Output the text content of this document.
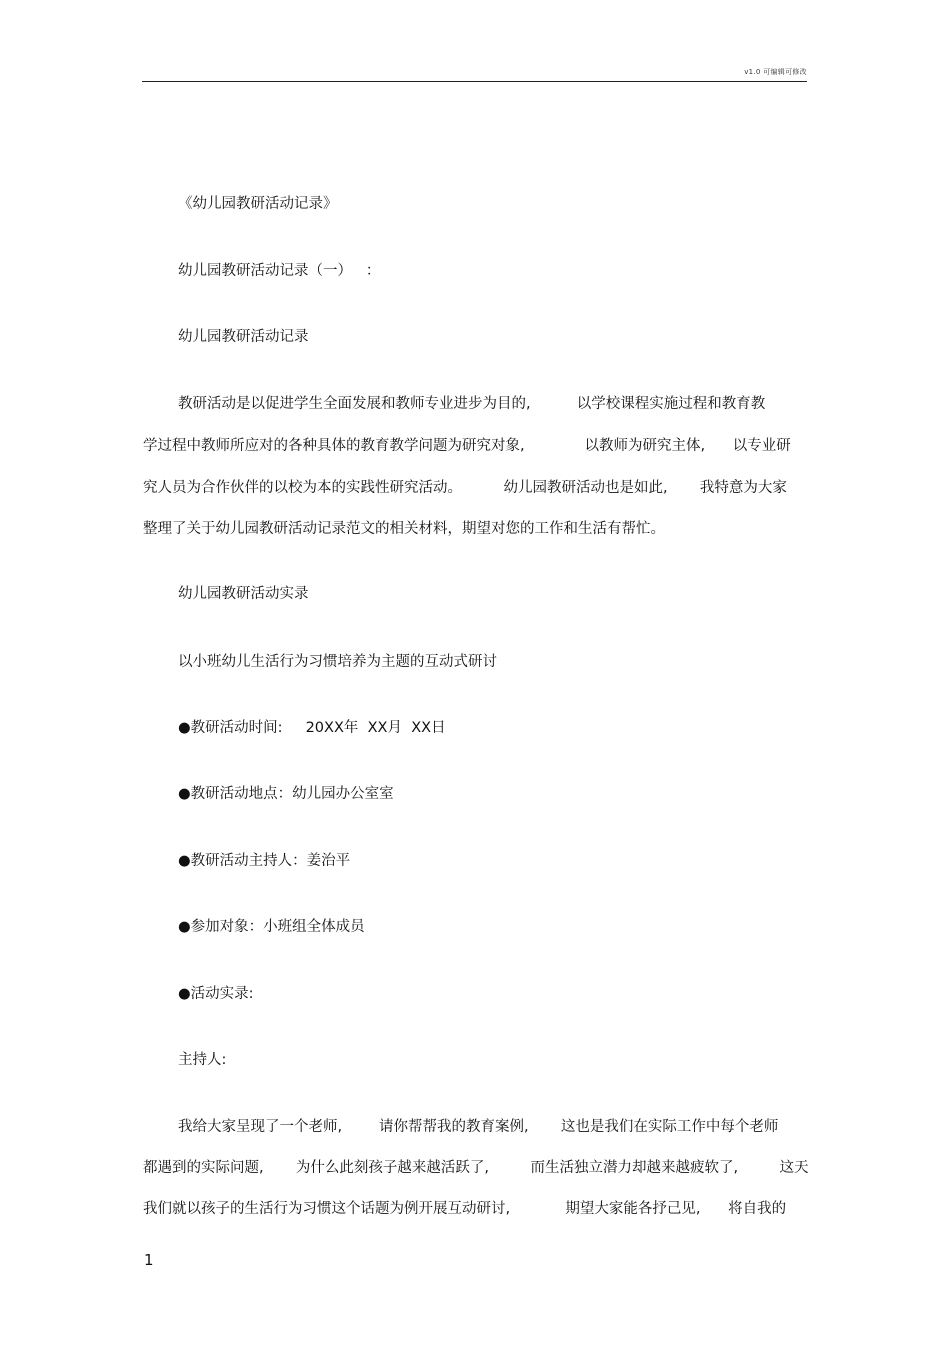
v1.0 可编辑可修改
《幼儿园教研活动记录》
幼儿园教研活动记录（一）   ：
幼儿园教研活动记录
教研活动是以促进学生全面发展和教师专业进步为目的,          以学校课程实施过程和教育教
学过程中教师所应对的各种具体的教育教学问题为研究对象,             以教师为研究主体,      以专业研
究人员为合作伙伴的以校为本的实践性研究活动。         幼儿园教研活动也是如此,       我特意为大家
整理了关于幼儿园教研活动记录范文的相关材料，期望对您的工作和生活有帮忙。
幼儿园教研活动实录
以小班幼儿生活行为习惯培养为主题的互动式研讨
●教研活动时间:     20XX年  XX月  XX日
●教研活动地点：幼儿园办公室室
●教研活动主持人：姜治平
●参加对象：小班组全体成员
●活动实录:
主持人:
我给大家呈现了一个老师,        请你帮帮我的教育案例,       这也是我们在实际工作中每个老师
都遇到的实际问题,       为什么此刻孩子越来越活跃了,         而生活独立潜力却越来越疲软了,         这天
我们就以孩子的生活行为习惯这个话题为例开展互动研讨,            期望大家能各抒己见,      将自我的
1
